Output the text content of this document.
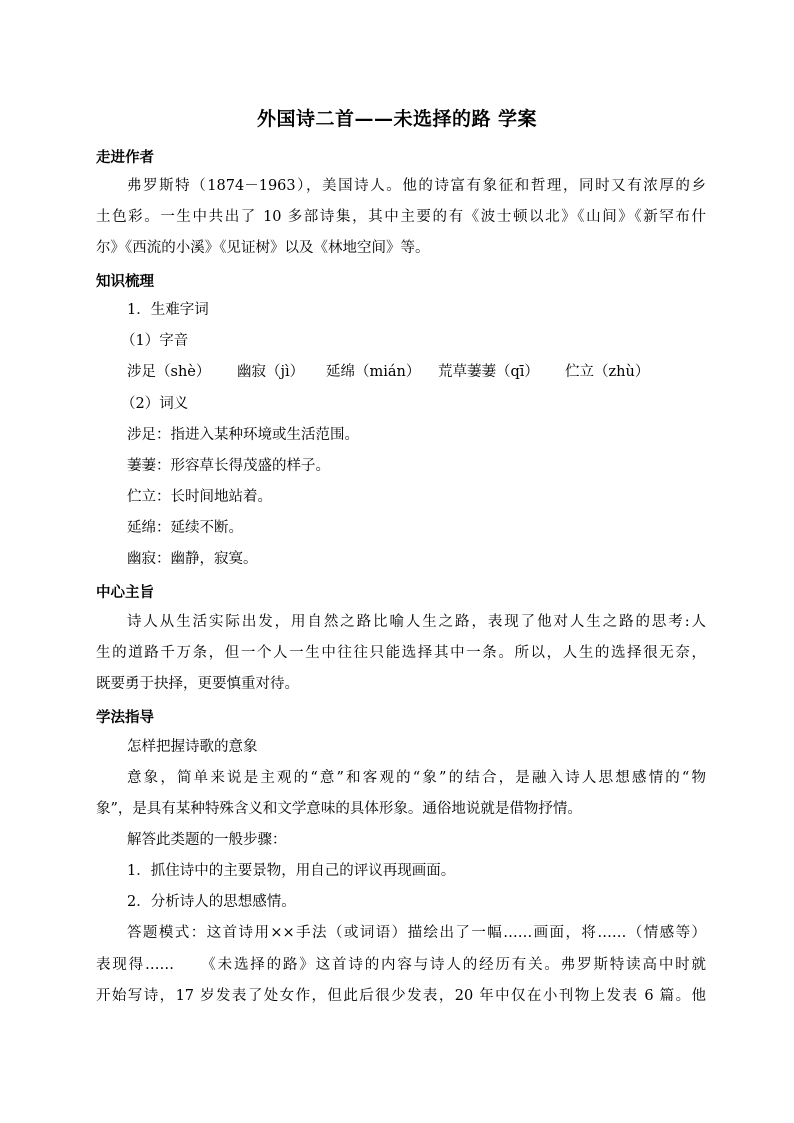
外国诗二首——未选择的路 学案
走进作者
弗罗斯特（1874－1963），美国诗人。他的诗富有象征和哲理，同时又有浓厚的乡
土色彩。一生中共出了 10 多部诗集，其中主要的有《波士顿以北》《山间》《新罕布什
尔》《西流的小溪》《见证树》以及《林地空间》等。
知识梳理
1．生难字词
（1）字音
涉足（shè） 幽寂（jì） 延绵（mián） 荒草萋萋（qī） 伫立（zhù）
（2）词义
涉足：指进入某种环境或生活范围。
萋萋：形容草长得茂盛的样子。
伫立：长时间地站着。
延绵：延续不断。
幽寂：幽静，寂寞。
中心主旨
诗人从生活实际出发，用自然之路比喻人生之路，表现了他对人生之路的思考:人
生的道路千万条，但一个人一生中往往只能选择其中一条。所以，人生的选择很无奈，
既要勇于抉择，更要慎重对待。
学法指导
怎样把握诗歌的意象
意象，简单来说是主观的“意”和客观的“象”的结合，是融入诗人思想感情的“物
象”，是具有某种特殊含义和文学意味的具体形象。通俗地说就是借物抒情。
解答此类题的一般步骤：
1．抓住诗中的主要景物，用自己的评议再现画面。
2．分析诗人的思想感情。
答题模式：这首诗用××手法（或词语）描绘出了一幅……画面，将……（情感等）
表现得……　　《未选择的路》这首诗的内容与诗人的经历有关。弗罗斯特读高中时就
开始写诗，17 岁发表了处女作，但此后很少发表，20 年中仅在小刊物上发表 6 篇。他
